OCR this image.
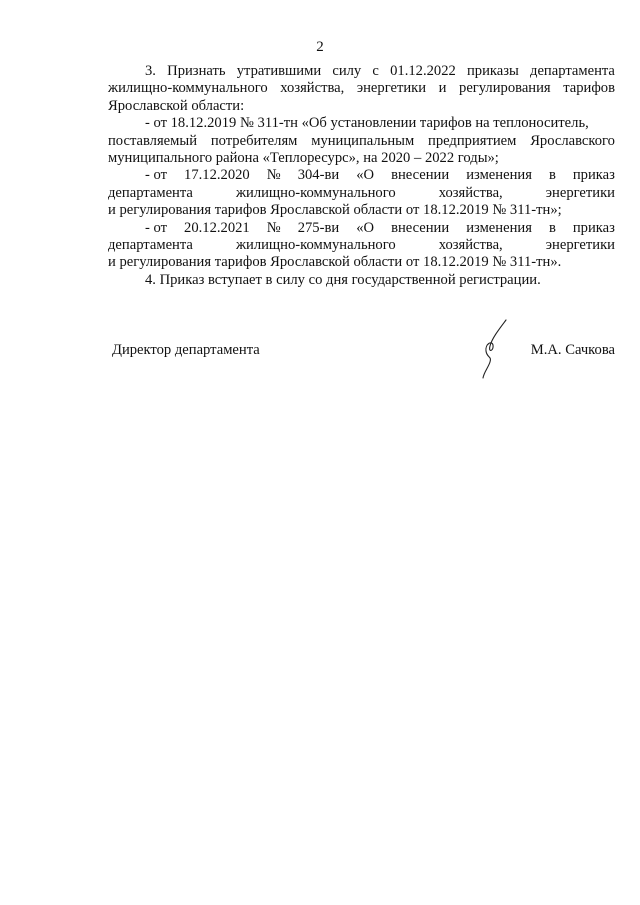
2
3. Признать утратившими силу с 01.12.2022 приказы департамента
жилищно-коммунального хозяйства, энергетики и регулирования тарифов
Ярославской области:
- от 18.12.2019 № 311-тн «Об установлении тарифов на теплоноситель,
поставляемый потребителям муниципальным предприятием Ярославского
муниципального района «Теплоресурс», на 2020 – 2022 годы»;
- от 17.12.2020 № 304-ви «О внесении изменения в приказ
департамента	жилищно-коммунального	хозяйства,	энергетики
и регулирования тарифов Ярославской области от 18.12.2019 № 311-тн»;
- от 20.12.2021 № 275-ви «О внесении изменения в приказ
департамента	жилищно-коммунального	хозяйства,	энергетики
и регулирования тарифов Ярославской области от 18.12.2019 № 311-тн».
4. Приказ вступает в силу со дня государственной регистрации.
Директор департамента	М.А. Сачкова
